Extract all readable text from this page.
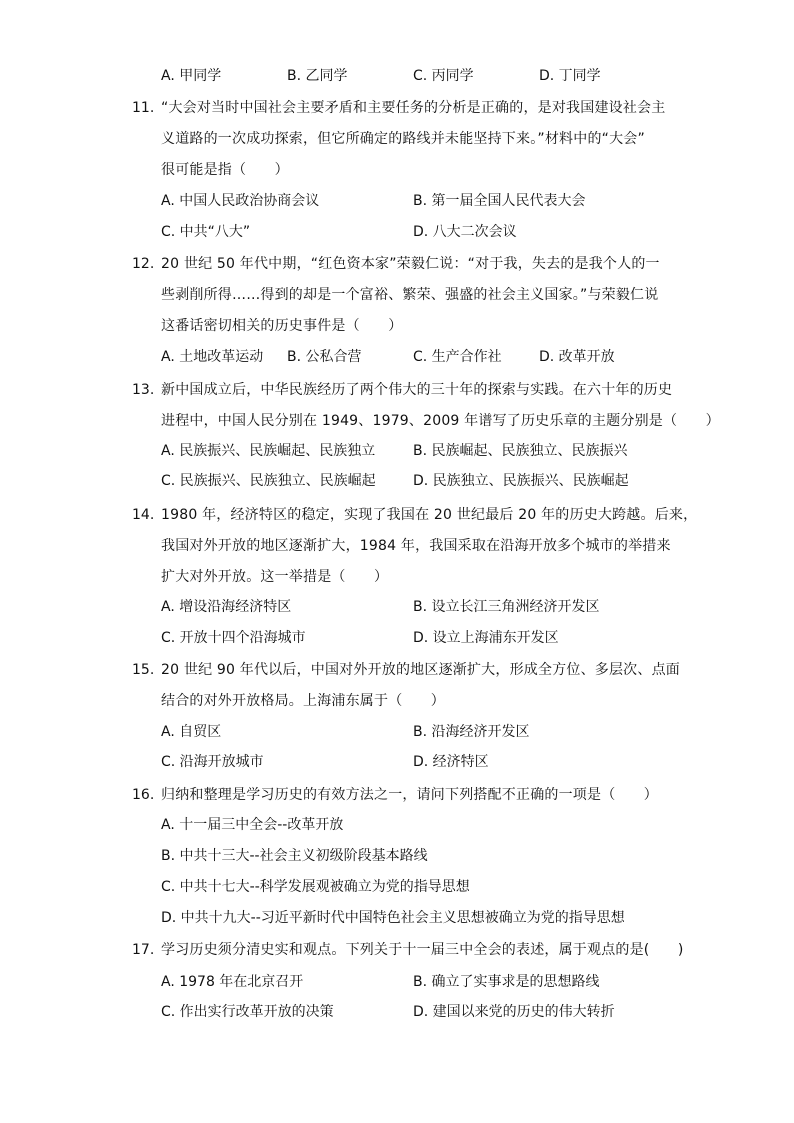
A. 甲同学	B. 乙同学	C. 丙同学	D. 丁同学
11. “大会对当时中国社会主要矛盾和主要任务的分析是正确的，是对我国建设社会主
义道路的一次成功探索，但它所确定的路线并未能坚持下来。”材料中的“大会”
很可能是指（　　）
A. 中国人民政治协商会议	B. 第一届全国人民代表大会
C. 中共“八大”	D. 八大二次会议
12. 20 世纪 50 年代中期，“红色资本家”荣毅仁说：“对于我，失去的是我个人的一
些剥削所得……得到的却是一个富裕、繁荣、强盛的社会主义国家。”与荣毅仁说
这番话密切相关的历史事件是（　　）
A. 土地改革运动 B. 公私合营	C. 生产合作社	D. 改革开放
13. 新中国成立后，中华民族经历了两个伟大的三十年的探索与实践。在六十年的历史
进程中，中国人民分别在 1949、1979、2009 年谱写了历史乐章的主题分别是（　　）
A. 民族振兴、民族崛起、民族独立	B. 民族崛起、民族独立、民族振兴
C. 民族振兴、民族独立、民族崛起	D. 民族独立、民族振兴、民族崛起
14. 1980 年，经济特区的稳定，实现了我国在 20 世纪最后 20 年的历史大跨越。后来，
我国对外开放的地区逐渐扩大，1984 年，我国采取在沿海开放多个城市的举措来
扩大对外开放。这一举措是（　　）
A. 增设沿海经济特区	B. 设立长江三角洲经济开发区
C. 开放十四个沿海城市	D. 设立上海浦东开发区
15. 20 世纪 90 年代以后，中国对外开放的地区逐渐扩大，形成全方位、多层次、点面
结合的对外开放格局。上海浦东属于（　　）
A. 自贸区	B. 沿海经济开发区
C. 沿海开放城市	D. 经济特区
16. 归纳和整理是学习历史的有效方法之一，请问下列搭配不正确的一项是（　　）
A. 十一届三中全会--改革开放
B. 中共十三大--社会主义初级阶段基本路线
C. 中共十七大--科学发展观被确立为党的指导思想
D. 中共十九大--习近平新时代中国特色社会主义思想被确立为党的指导思想
17. 学习历史须分清史实和观点。下列关于十一届三中全会的表述，属于观点的是(　　)
A. 1978 年在北京召开	B. 确立了实事求是的思想路线
C. 作出实行改革开放的决策	D. 建国以来党的历史的伟大转折
